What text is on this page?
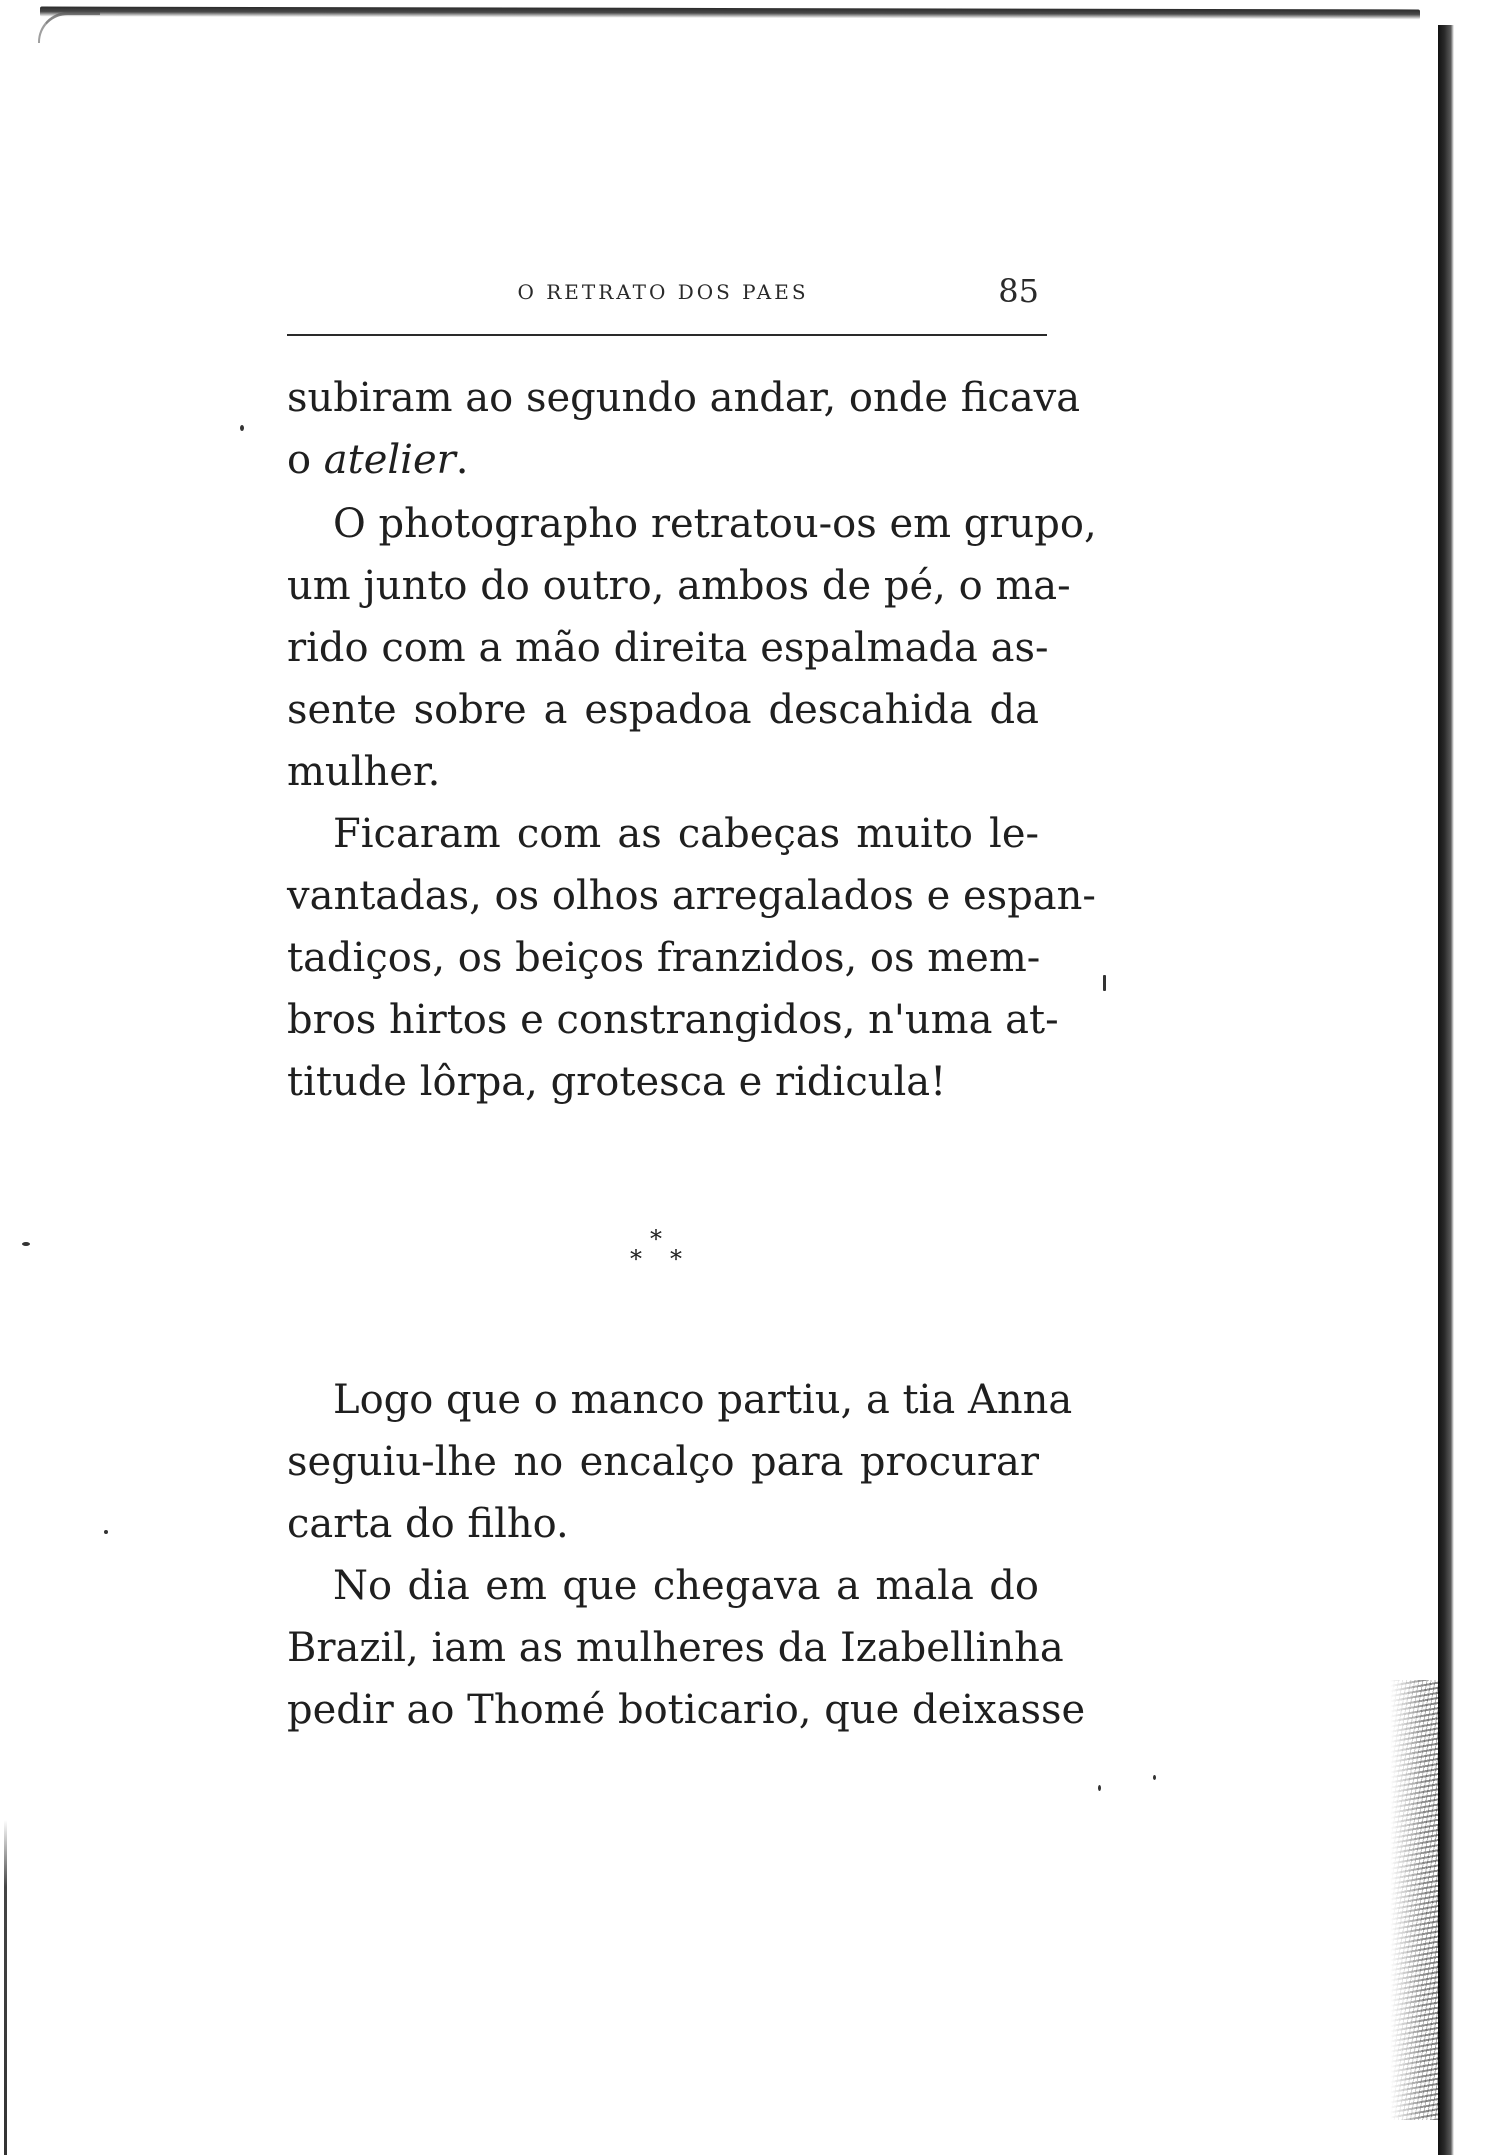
O RETRATO DOS PAES	85
subiram ao segundo andar, onde ficava
o atelier.
O photographo retratou-os em grupo,
um junto do outro, ambos de pé, o ma-
rido com a mão direita espalmada as-
sente sobre a espadoa descahida da
mulher.
Ficaram com as cabeças muito le-
vantadas, os olhos arregalados e espan-
tadiços, os beiços franzidos, os mem-
bros hirtos e constrangidos, n'uma at-
titude lôrpa, grotesca e ridicula!
*
* *
Logo que o manco partiu, a tia Anna
seguiu-lhe no encalço para procurar
carta do filho.
No dia em que chegava a mala do
Brazil, iam as mulheres da Izabellinha
pedir ao Thomé boticario, que deixasse
